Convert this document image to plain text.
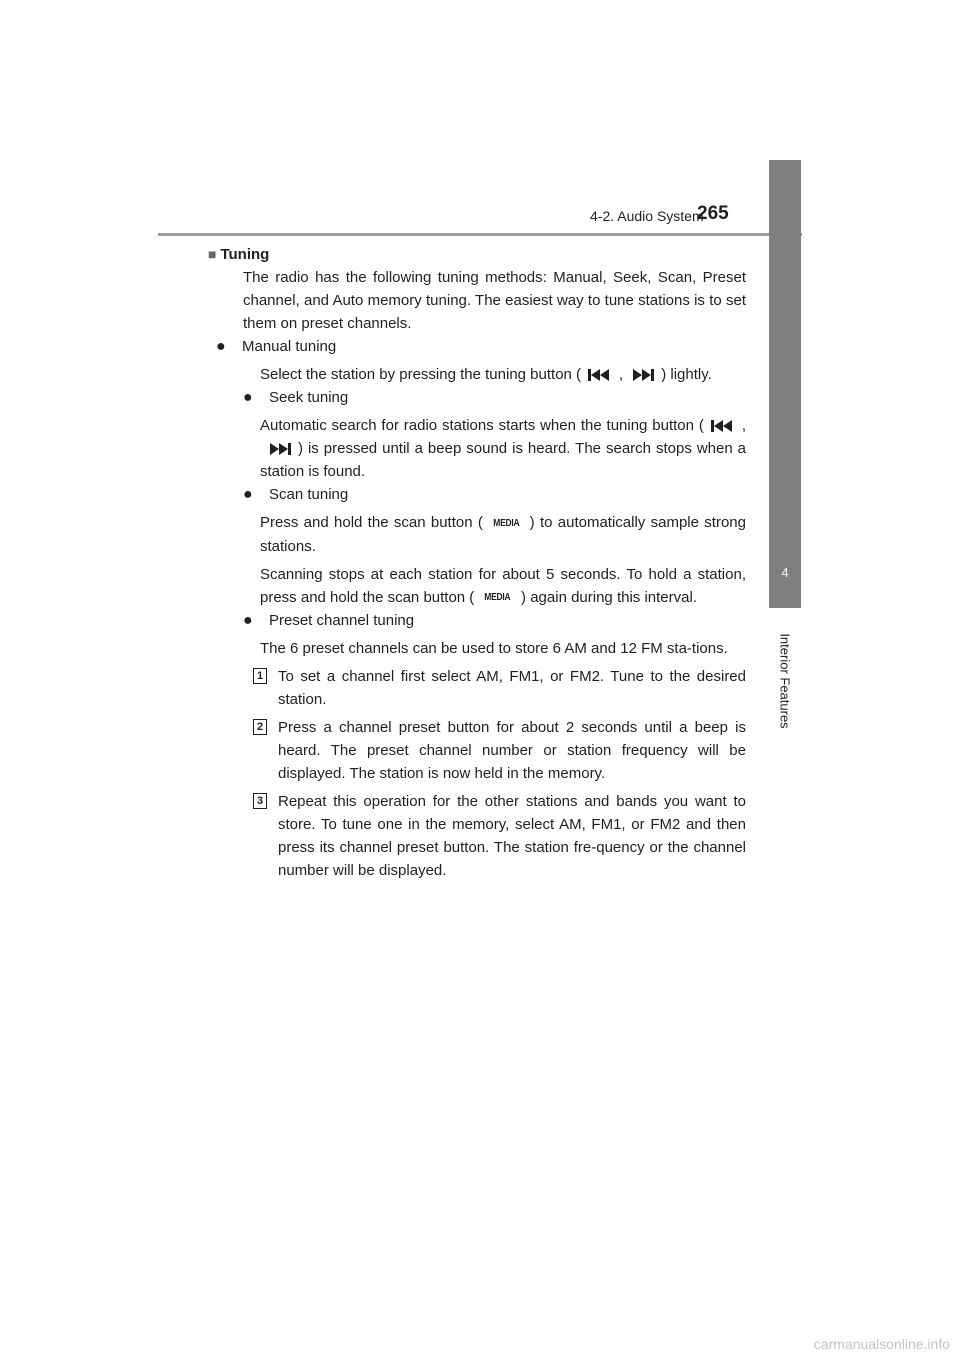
4-2. Audio System
265
4
Interior Features
■ Tuning

The radio has the following tuning methods: Manual, Seek, Scan, Preset channel, and Auto memory tuning. The easiest way to tune stations is to set them on preset channels.

●	Manual tuning

Select the station by pressing the tuning button (	,	) lightly.

●	Seek tuning

Automatic search for radio stations starts when the tuning button (	,) is pressed until a beep sound is heard. The search stops when a station is found.

●	Scan tuning

Press and hold the scan button ( MEDIA ) to automatically sample strong stations.

Scanning stops at each station for about 5 seconds. To hold a station, press and hold the scan button ( MEDIA ) again during this interval.

●	Preset channel tuning

The 6 preset channels can be used to store 6 AM and 12 FM sta-tions.

1 To set a channel first select AM, FM1, or FM2. Tune to the desired station.
2 Press a channel preset button for about 2 seconds until a beep is heard. The preset channel number or station frequency will be displayed. The station is now held in the memory.
3 Repeat this operation for the other stations and bands you want to store. To tune one in the memory, select AM, FM1, or FM2 and then press its channel preset button. The station fre-quency or the channel number will be displayed.
carmanualsonline.info
